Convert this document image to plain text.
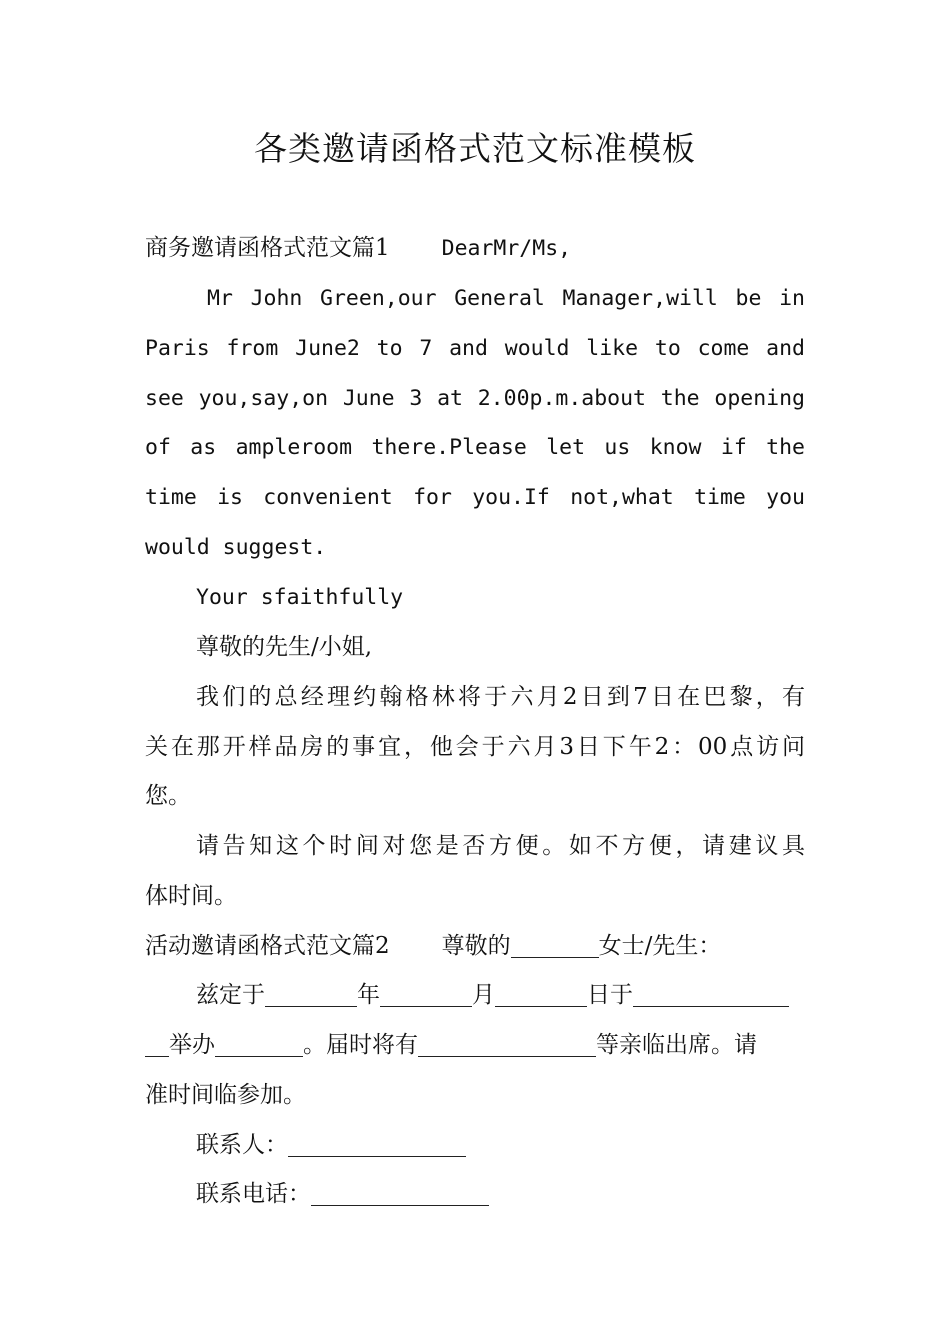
各类邀请函格式范文标准模板
商务邀请函格式范文篇1 DearMr/Ms,
Mr John Green,our General Manager,will be in
Paris from June2 to 7 and would like to come and
see you,say,on June 3 at 2.00p.m.about the opening
of as ampleroom there.Please let us know if the
time is convenient for you.If not,what time you
would suggest.
Your sfaithfully
尊敬的先生/小姐,
我们的总经理约翰格林将于六月2日到7日在巴黎，有
关在那开样品房的事宜，他会于六月3日下午2：00点访问
您。
请告知这个时间对您是否方便。如不方便，请建议具
体时间。
活动邀请函格式范文篇2 尊敬的	女士/先生：
兹定于	年	月	日于
举办	。届时将有	等亲临出席。请
准时间临参加。
联系人：
联系电话：
